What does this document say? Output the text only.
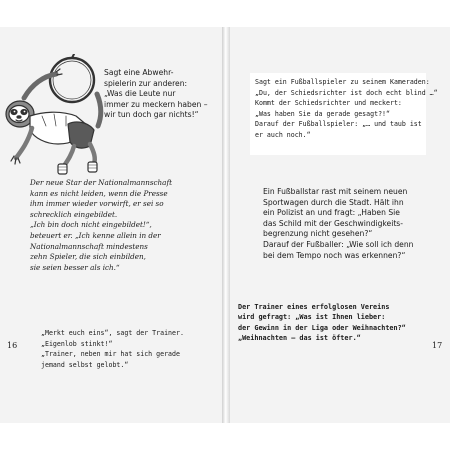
Sagt eine Abwehr-
spielerin zur anderen:
„Was die Leute nur
immer zu meckern haben –
wir tun doch gar nichts!“
Der neue Star der Nationalmannschaft
kann es nicht leiden, wenn die Presse
ihm immer wieder vorwirft, er sei so
schrecklich eingebildet.
„Ich bin doch nicht eingebildet!“,
beteuert er. „Ich kenne allein in der
Nationalmannschaft mindestens
zehn Spieler, die sich einbilden,
sie seien besser als ich.“
„Merkt euch eins“, sagt der Trainer.
„Eigenlob stinkt!“
„Trainer, neben mir hat sich gerade
jemand selbst gelobt.“
16
Sagt ein Fußballspieler zu seinem Kameraden:
„Du, der Schiedsrichter ist doch echt blind …“
Kommt der Schiedsrichter und meckert:
„Was haben Sie da gerade gesagt?!“
Darauf der Fußballspieler: „… und taub ist
er auch noch.“
Ein Fußballstar rast mit seinem neuen
Sportwagen durch die Stadt. Hält ihn
ein Polizist an und fragt: „Haben Sie
das Schild mit der Geschwindigkeits-
begrenzung nicht gesehen?“
Darauf der Fußballer: „Wie soll ich denn
bei dem Tempo noch was erkennen?“
Der Trainer eines erfolglosen Vereins
wird gefragt: „Was ist Ihnen lieber:
der Gewinn in der Liga oder Weihnachten?“
„Weihnachten – das ist öfter.“
17
